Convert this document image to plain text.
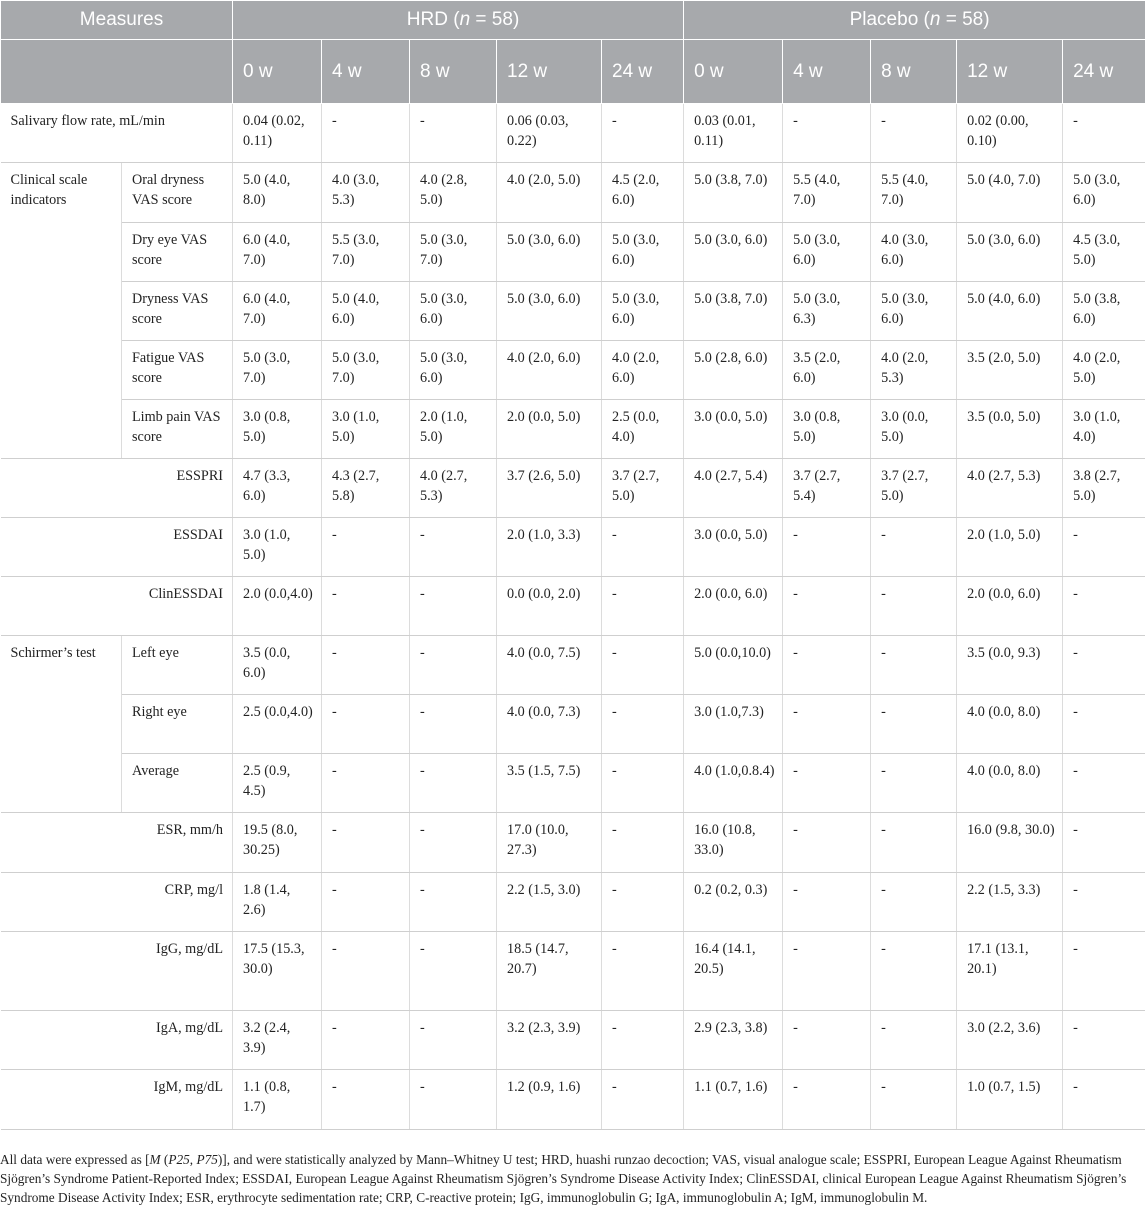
Measures		HRD (n = 58)					Placebo (n = 58)				
		0 w	4 w	8 w	12 w	24 w	0 w	4 w	8 w	12 w	24 w
Salivary flow rate, mL/min		0.04 (0.02, 0.11)	-	-	0.06 (0.03, 0.22)	-	0.03 (0.01, 0.11)	-	-	0.02 (0.00, 0.10)	-
Clinical scale indicators	Oral dryness VAS score	5.0 (4.0, 8.0)	4.0 (3.0, 5.3)	4.0 (2.8, 5.0)	4.0 (2.0, 5.0)	4.5 (2.0, 6.0)	5.0 (3.8, 7.0)	5.5 (4.0, 7.0)	5.5 (4.0, 7.0)	5.0 (4.0, 7.0)	5.0 (3.0, 6.0)
	Dry eye VAS score	6.0 (4.0, 7.0)	5.5 (3.0, 7.0)	5.0 (3.0, 7.0)	5.0 (3.0, 6.0)	5.0 (3.0, 6.0)	5.0 (3.0, 6.0)	5.0 (3.0, 6.0)	4.0 (3.0, 6.0)	5.0 (3.0, 6.0)	4.5 (3.0, 5.0)
	Dryness VAS score	6.0 (4.0, 7.0)	5.0 (4.0, 6.0)	5.0 (3.0, 6.0)	5.0 (3.0, 6.0)	5.0 (3.0, 6.0)	5.0 (3.8, 7.0)	5.0 (3.0, 6.3)	5.0 (3.0, 6.0)	5.0 (4.0, 6.0)	5.0 (3.8, 6.0)
	Fatigue VAS score	5.0 (3.0, 7.0)	5.0 (3.0, 7.0)	5.0 (3.0, 6.0)	4.0 (2.0, 6.0)	4.0 (2.0, 6.0)	5.0 (2.8, 6.0)	3.5 (2.0, 6.0)	4.0 (2.0, 5.3)	3.5 (2.0, 5.0)	4.0 (2.0, 5.0)
	Limb pain VAS score	3.0 (0.8, 5.0)	3.0 (1.0, 5.0)	2.0 (1.0, 5.0)	2.0 (0.0, 5.0)	2.5 (0.0, 4.0)	3.0 (0.0, 5.0)	3.0 (0.8, 5.0)	3.0 (0.0, 5.0)	3.5 (0.0, 5.0)	3.0 (1.0, 4.0)
ESSPRI		4.7 (3.3, 6.0)	4.3 (2.7, 5.8)	4.0 (2.7, 5.3)	3.7 (2.6, 5.0)	3.7 (2.7, 5.0)	4.0 (2.7, 5.4)	3.7 (2.7, 5.4)	3.7 (2.7, 5.0)	4.0 (2.7, 5.3)	3.8 (2.7, 5.0)
ESSDAI		3.0 (1.0, 5.0)	-	-	2.0 (1.0, 3.3)	-	3.0 (0.0, 5.0)	-	-	2.0 (1.0, 5.0)	-
ClinESSDAI		2.0 (0.0,4.0)	-	-	0.0 (0.0, 2.0)	-	2.0 (0.0, 6.0)	-	-	2.0 (0.0, 6.0)	-
Schirmer’s test	Left eye	3.5 (0.0, 6.0)	-	-	4.0 (0.0, 7.5)	-	5.0 (0.0,10.0)	-	-	3.5 (0.0, 9.3)	-
	Right eye	2.5 (0.0,4.0)	-	-	4.0 (0.0, 7.3)	-	3.0 (1.0,7.3)	-	-	4.0 (0.0, 8.0)	-
	Average	2.5 (0.9, 4.5)	-	-	3.5 (1.5, 7.5)	-	4.0 (1.0,0.8.4)	-	-	4.0 (0.0, 8.0)	-
ESR, mm/h		19.5 (8.0, 30.25)	-	-	17.0 (10.0, 27.3)	-	16.0 (10.8, 33.0)	-	-	16.0 (9.8, 30.0)	-
CRP, mg/l		1.8 (1.4, 2.6)	-	-	2.2 (1.5, 3.0)	-	0.2 (0.2, 0.3)	-	-	2.2 (1.5, 3.3)	-
IgG, mg/dL		17.5 (15.3, 30.0)	-	-	18.5 (14.7, 20.7)	-	16.4 (14.1, 20.5)	-	-	17.1 (13.1, 20.1)	-
IgA, mg/dL		3.2 (2.4, 3.9)	-	-	3.2 (2.3, 3.9)	-	2.9 (2.3, 3.8)	-	-	3.0 (2.2, 3.6)	-
IgM, mg/dL		1.1 (0.8, 1.7)	-	-	1.2 (0.9, 1.6)	-	1.1 (0.7, 1.6)	-	-	1.0 (0.7, 1.5)	-

All data were expressed as [M (P25, P75)], and were statistically analyzed by Mann–Whitney U test; HRD, huashi runzao decoction; VAS, visual analogue scale; ESSPRI, European League Against Rheumatism Sjögren’s Syndrome Patient-Reported Index; ESSDAI, European League Against Rheumatism Sjögren’s Syndrome Disease Activity Index; ClinESSDAI, clinical European League Against Rheumatism Sjögren’s Syndrome Disease Activity Index; ESR, erythrocyte sedimentation rate; CRP, C-reactive protein; IgG, immunoglobulin G; IgA, immunoglobulin A; IgM, immunoglobulin M.
